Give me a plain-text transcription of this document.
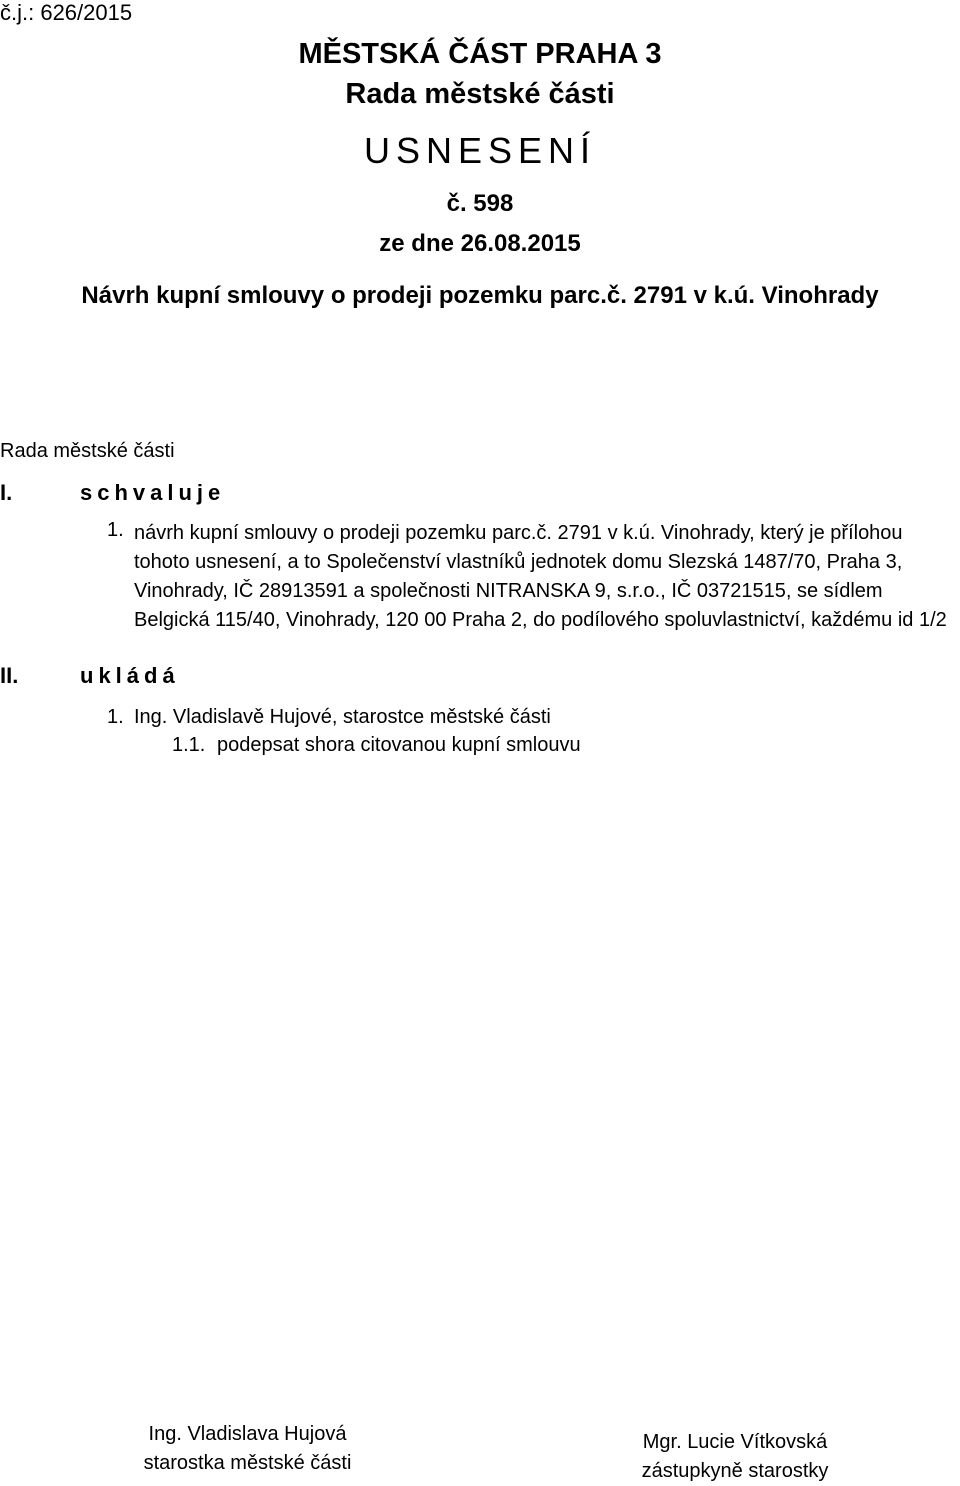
č.j.: 626/2015
MĚSTSKÁ ČÁST PRAHA 3
Rada městské části
USNESENÍ
č. 598
ze dne 26.08.2015
Návrh kupní smlouvy o prodeji pozemku parc.č. 2791 v k.ú. Vinohrady
Rada městské části
I.	schvaluje
1. návrh kupní smlouvy o prodeji pozemku parc.č. 2791 v k.ú. Vinohrady, který je přílohou tohoto usnesení, a to Společenství vlastníků jednotek domu Slezská 1487/70, Praha 3, Vinohrady, IČ 28913591 a společnosti NITRANSKA 9, s.r.o., IČ 03721515, se sídlem Belgická 115/40, Vinohrady, 120 00 Praha 2, do podílového spoluvlastnictví, každému id 1/2
II.	ukládá
1. Ing. Vladislavě Hujové, starostce městské části
1.1. podepsat shora citovanou kupní smlouvu
Ing. Vladislava Hujová
starostka městské části
Mgr. Lucie Vítkovská
zástupkyně starostky
